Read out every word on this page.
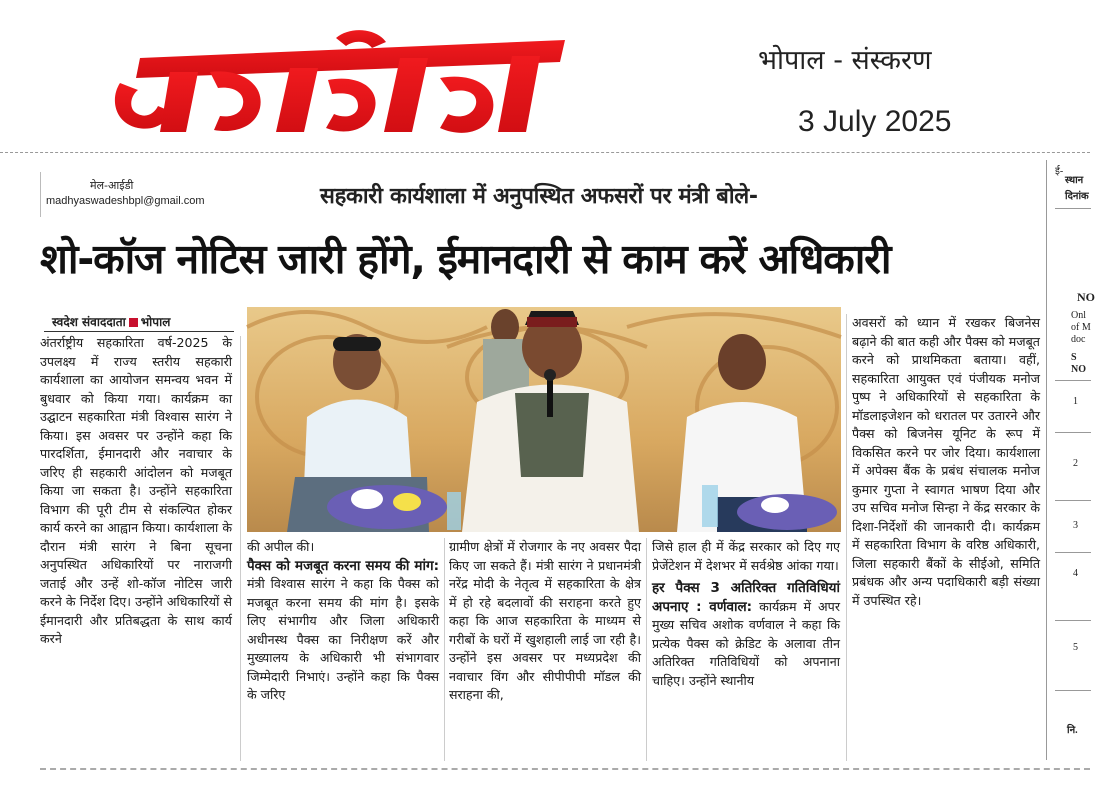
भोपाल - संस्करण
3 July 2025
मेल-आईडी
madhyaswadeshbpl@gmail.com	सहकारी कार्यशाला में अनुपस्थित अफसरों पर मंत्री बोले-
शो-कॉज नोटिस जारी होंगे, ईमानदारी से काम करें अधिकारी
स्वदेश संवाददाता भोपाल

अंतर्राष्ट्रीय सहकारिता वर्ष-2025 के उपलक्ष्य में राज्य स्तरीय सहकारी कार्यशाला का आयोजन समन्वय भवन में बुधवार को किया गया। कार्यक्रम का उद्घाटन सहकारिता मंत्री विश्वास सारंग ने किया। इस अवसर पर उन्होंने कहा कि पारदर्शिता, ईमानदारी और नवाचार के जरिए ही सहकारी आंदोलन को मजबूत किया जा सकता है। उन्होंने सहकारिता विभाग की पूरी टीम से संकल्पित होकर कार्य करने का आह्वान किया। कार्यशाला के दौरान मंत्री सारंग ने बिना सूचना अनुपस्थित अधिकारियों पर नाराजगी जताई और उन्हें शो-कॉज नोटिस जारी करने के निर्देश दिए। उन्होंने अधिकारियों से ईमानदारी और प्रतिबद्धता के साथ कार्य करने

की अपील की।

पैक्स को मजबूत करना समय की मांग: मंत्री विश्वास सारंग ने कहा कि पैक्स को मजबूत करना समय की मांग है। इसके लिए संभागीय और जिला अधिकारी अधीनस्थ पैक्स का निरीक्षण करें और मुख्यालय के अधिकारी भी संभागवार जिम्मेदारी निभाएं। उन्होंने कहा कि पैक्स के जरिए

ग्रामीण क्षेत्रों में रोजगार के नए अवसर पैदा किए जा सकते हैं। मंत्री सारंग ने प्रधानमंत्री नरेंद्र मोदी के नेतृत्व में सहकारिता के क्षेत्र में हो रहे बदलावों की सराहना करते हुए कहा कि आज सहकारिता के माध्यम से गरीबों के घरों में खुशहाली लाई जा रही है। उन्होंने इस अवसर पर मध्यप्रदेश की नवाचार विंग और सीपीपीपी मॉडल की सराहना की,

जिसे हाल ही में केंद्र सरकार को दिए गए प्रेजेंटेशन में देशभर में सर्वश्रेष्ठ आंका गया।

हर पैक्स 3 अतिरिक्त गतिविधियां अपनाए : वर्णवाल: कार्यक्रम में अपर मुख्य सचिव अशोक वर्णवाल ने कहा कि प्रत्येक पैक्स को क्रेडिट के अलावा तीन अतिरिक्त गतिविधियों को अपनाना चाहिए। उन्होंने स्थानीय

अवसरों को ध्यान में रखकर बिजनेस बढ़ाने की बात कही और पैक्स को मजबूत करने को प्राथमिकता बताया। वहीं, सहकारिता आयुक्त एवं पंजीयक मनोज पुष्प ने अधिकारियों से सहकारिता के मॉडलाइजेशन को धरातल पर उतारने और पैक्स को बिजनेस यूनिट के रूप में विकसित करने पर जोर दिया। कार्यशाला में अपेक्स बैंक के प्रबंध संचालक मनोज कुमार गुप्ता ने स्वागत भाषण दिया और उप सचिव मनोज सिन्हा ने केंद्र सरकार के दिशा-निर्देशों की जानकारी दी। कार्यक्रम में सहकारिता विभाग के वरिष्ठ अधिकारी, जिला सहकारी बैंकों के सीईओ, समिति प्रबंधक और अन्य पदाधिकारी बड़ी संख्या में उपस्थित रहे।

स्थान
दिनांक
NO
Onl
of M
doc
S
NO
1
2
3
4
5
नि.
ई-
